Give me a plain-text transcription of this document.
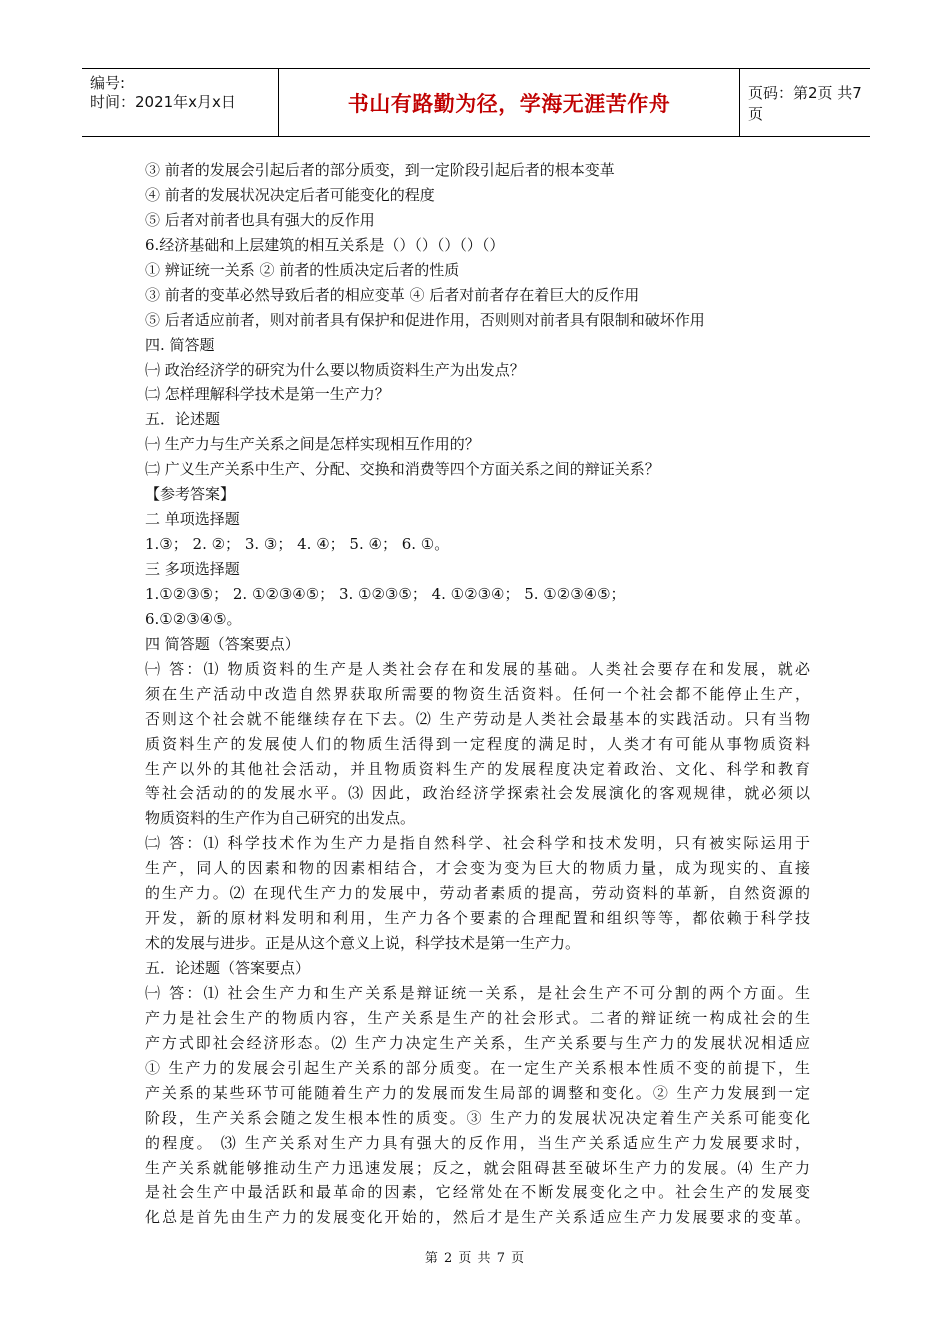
编号:
时间：2021年x月x日	书山有路勤为径，学海无涯苦作舟	页码：第2页 共7页
③ 前者的发展会引起后者的部分质变，到一定阶段引起后者的根本变革
④ 前者的发展状况决定后者可能变化的程度
⑤ 后者对前者也具有强大的反作用
6.经济基础和上层建筑的相互关系是（）（）（）（）（）
① 辨证统一关系 ② 前者的性质决定后者的性质
③ 前者的变革必然导致后者的相应变革 ④ 后者对前者存在着巨大的反作用
⑤ 后者适应前者，则对前者具有保护和促进作用，否则则对前者具有限制和破坏作用
四. 简答题
㈠ 政治经济学的研究为什么要以物质资料生产为出发点？
㈡ 怎样理解科学技术是第一生产力？
五．论述题
㈠ 生产力与生产关系之间是怎样实现相互作用的？
㈡ 广义生产关系中生产、分配、交换和消费等四个方面关系之间的辩证关系？
【参考答案】
二 单项选择题
1.③； 2. ②； 3. ③； 4. ④； 5. ④； 6. ①。
三 多项选择题
1.①②③⑤； 2. ①②③④⑤； 3. ①②③⑤； 4. ①②③④； 5. ①②③④⑤；
6.①②③④⑤。
四 简答题（答案要点）
㈠ 答：⑴ 物质资料的生产是人类社会存在和发展的基础。人类社会要存在和发展，就必
须在生产活动中改造自然界获取所需要的物资生活资料。任何一个社会都不能停止生产，
否则这个社会就不能继续存在下去。⑵ 生产劳动是人类社会最基本的实践活动。只有当物
质资料生产的发展使人们的物质生活得到一定程度的满足时，人类才有可能从事物质资料
生产以外的其他社会活动，并且物质资料生产的发展程度决定着政治、文化、科学和教育
等社会活动的的发展水平。⑶ 因此，政治经济学探索社会发展演化的客观规律，就必须以
物质资料的生产作为自己研究的出发点。
㈡ 答：⑴ 科学技术作为生产力是指自然科学、社会科学和技术发明，只有被实际运用于
生产，同人的因素和物的因素相结合，才会变为变为巨大的物质力量，成为现实的、直接
的生产力。⑵ 在现代生产力的发展中，劳动者素质的提高，劳动资料的革新，自然资源的
开发，新的原材料发明和利用，生产力各个要素的合理配置和组织等等，都依赖于科学技
术的发展与进步。正是从这个意义上说，科学技术是第一生产力。
五．论述题（答案要点）
㈠ 答：⑴ 社会生产力和生产关系是辩证统一关系，是社会生产不可分割的两个方面。生
产力是社会生产的物质内容，生产关系是生产的社会形式。二者的辩证统一构成社会的生
产方式即社会经济形态。⑵ 生产力决定生产关系，生产关系要与生产力的发展状况相适应
① 生产力的发展会引起生产关系的部分质变。在一定生产关系根本性质不变的前提下，生
产关系的某些环节可能随着生产力的发展而发生局部的调整和变化。② 生产力发展到一定
阶段，生产关系会随之发生根本性的质变。③ 生产力的发展状况决定着生产关系可能变化
的程度。 ⑶ 生产关系对生产力具有强大的反作用，当生产关系适应生产力发展要求时，
生产关系就能够推动生产力迅速发展；反之，就会阻碍甚至破坏生产力的发展。⑷ 生产力
是社会生产中最活跃和最革命的因素，它经常处在不断发展变化之中。社会生产的发展变
化总是首先由生产力的发展变化开始的，然后才是生产关系适应生产力发展要求的变革。
第 2 页 共 7 页
